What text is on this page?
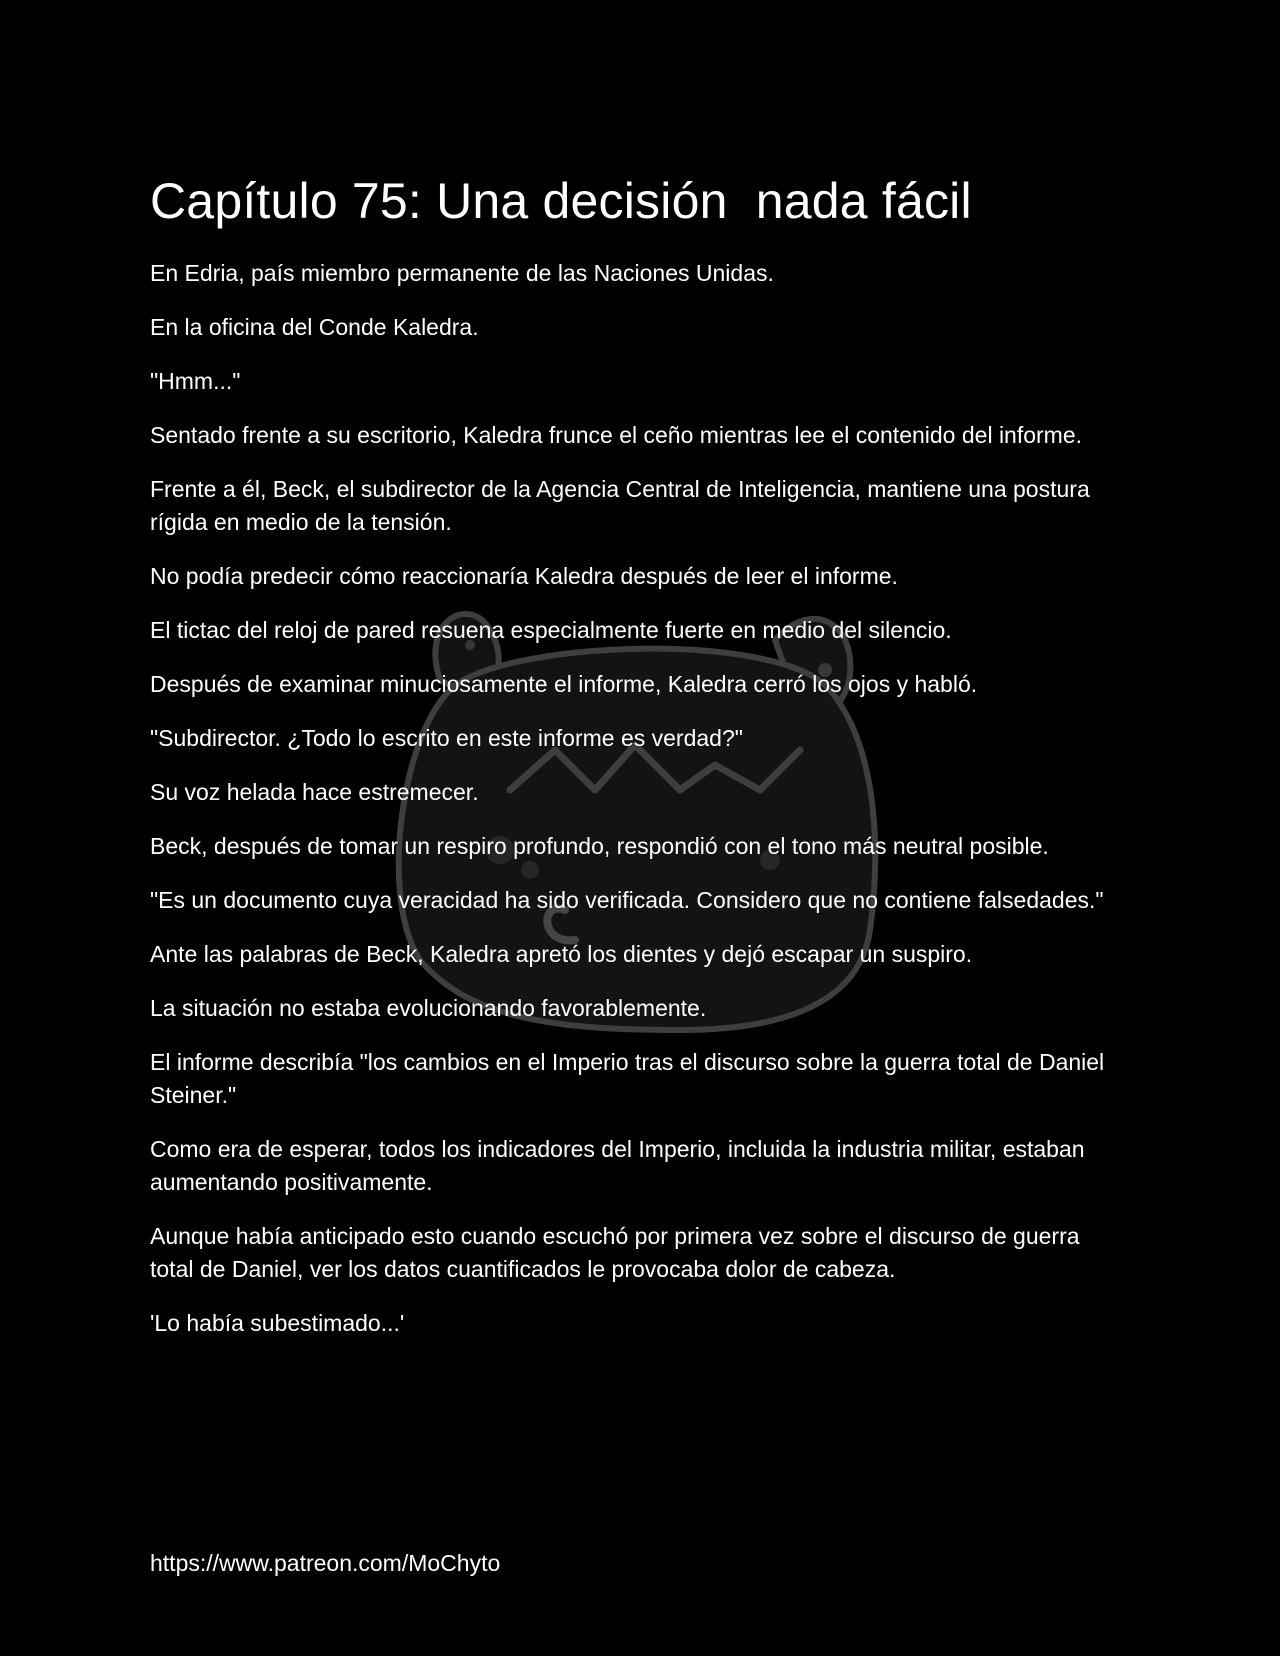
Capítulo 75: Una decisión  nada fácil

En Edria, país miembro permanente de las Naciones Unidas.

En la oficina del Conde Kaledra.

"Hmm..."

Sentado frente a su escritorio, Kaledra frunce el ceño mientras lee el contenido del informe.

Frente a él, Beck, el subdirector de la Agencia Central de Inteligencia, mantiene una postura rígida en medio de la tensión.

No podía predecir cómo reaccionaría Kaledra después de leer el informe.

El tictac del reloj de pared resuena especialmente fuerte en medio del silencio.

Después de examinar minuciosamente el informe, Kaledra cerró los ojos y habló.

"Subdirector. ¿Todo lo escrito en este informe es verdad?"

Su voz helada hace estremecer.

Beck, después de tomar un respiro profundo, respondió con el tono más neutral posible.

"Es un documento cuya veracidad ha sido verificada. Considero que no contiene falsedades."

Ante las palabras de Beck, Kaledra apretó los dientes y dejó escapar un suspiro.

La situación no estaba evolucionando favorablemente.

El informe describía "los cambios en el Imperio tras el discurso sobre la guerra total de Daniel Steiner."

Como era de esperar, todos los indicadores del Imperio, incluida la industria militar, estaban aumentando positivamente.

Aunque había anticipado esto cuando escuchó por primera vez sobre el discurso de guerra total de Daniel, ver los datos cuantificados le provocaba dolor de cabeza.

'Lo había subestimado...'

https://www.patreon.com/MoChyto
